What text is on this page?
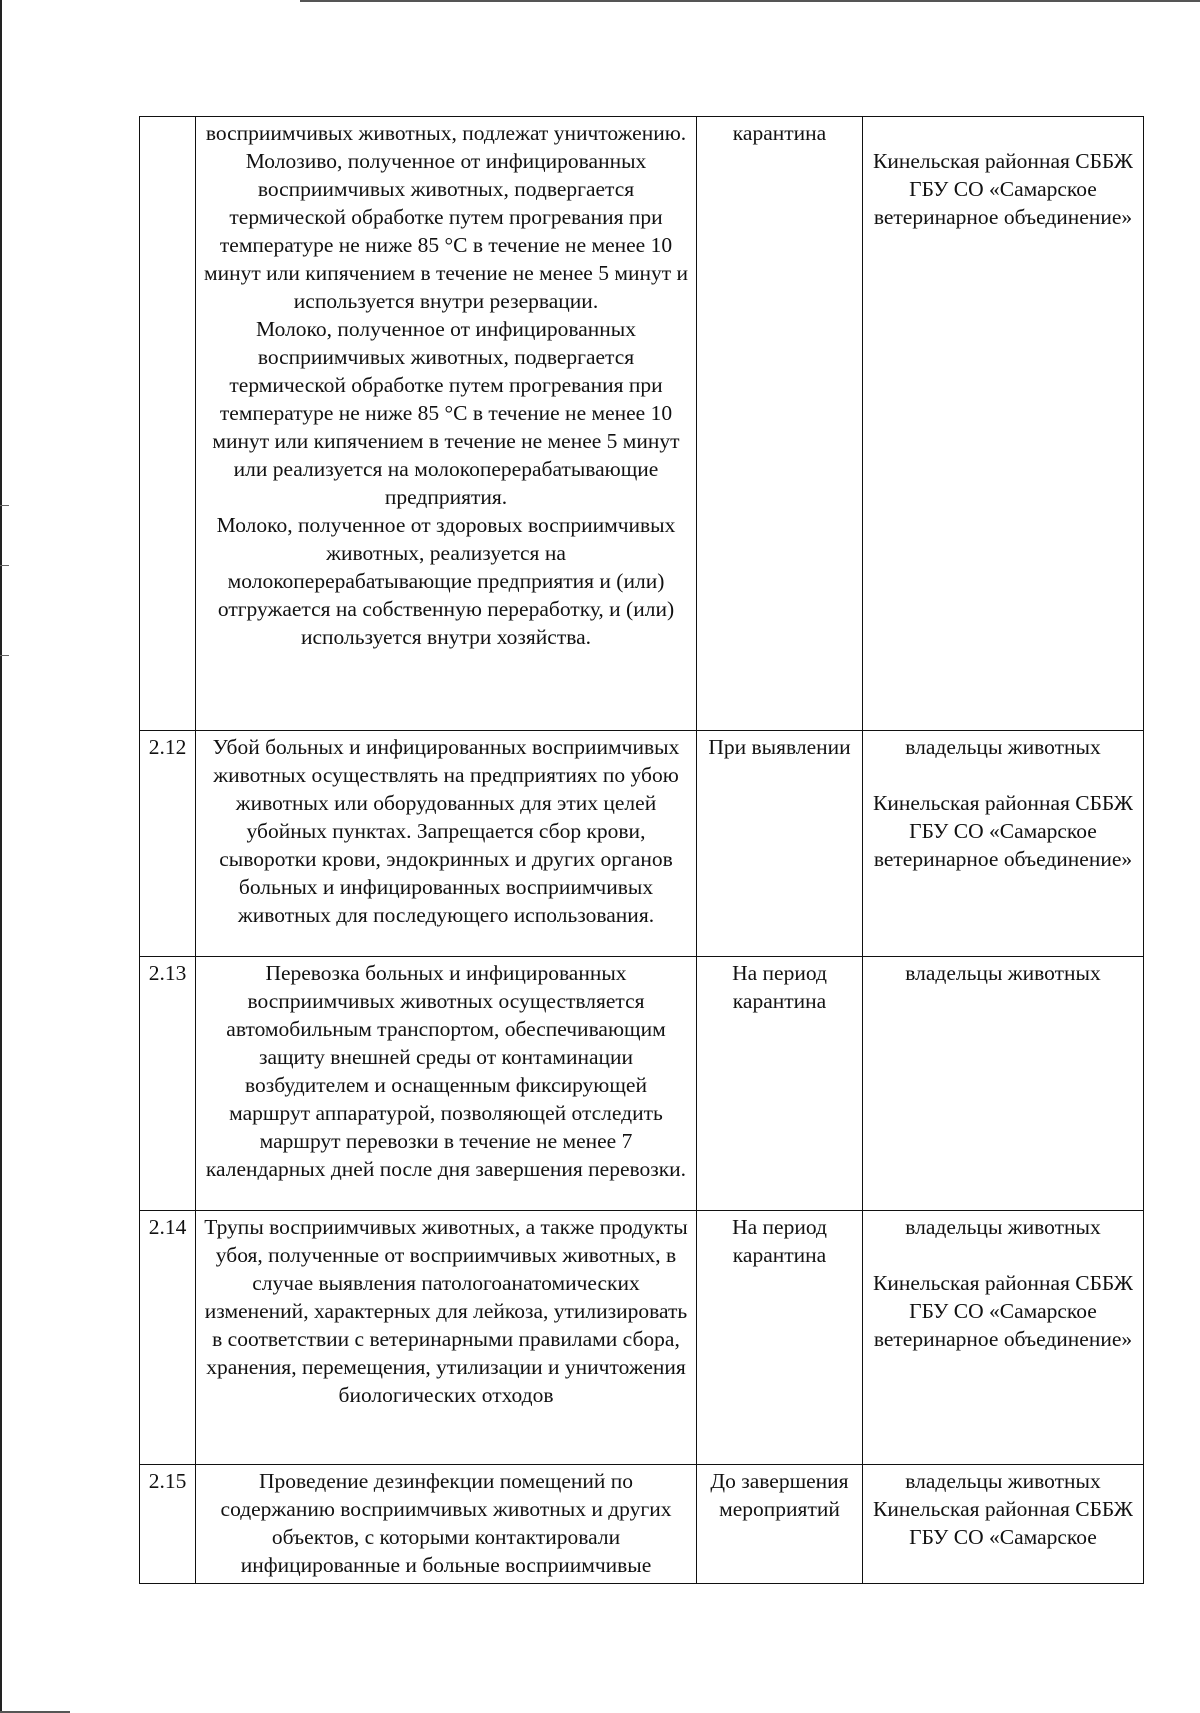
	восприимчивых животных, подлежат уничтожению. Молозиво, полученное от инфицированных восприимчивых животных, подвергается термической обработке путем прогревания при температуре не ниже 85 °C в течение не менее 10 минут или кипячением в течение не менее 5 минут и используется внутри резервации.
Молоко, полученное от инфицированных восприимчивых животных, подвергается термической обработке путем прогревания при температуре не ниже 85 °C в течение не менее 10 минут или кипячением в течение не менее 5 минут или реализуется на молокоперерабатывающие предприятия.
Молоко, полученное от здоровых восприимчивых животных, реализуется на молокоперерабатывающие предприятия и (или) отгружается на собственную переработку, и (или) используется внутри хозяйства.	карантина	Кинельская районная СББЖ ГБУ СО «Самарское ветеринарное объединение»

2.12	Убой больных и инфицированных восприимчивых животных осуществлять на предприятиях по убою животных или оборудованных для этих целей убойных пунктах. Запрещается сбор крови, сыворотки крови, эндокринных и других органов больных и инфицированных восприимчивых животных для последующего использования.	При выявлении	владельцы животных
Кинельская районная СББЖ ГБУ СО «Самарское ветеринарное объединение»

2.13	Перевозка больных и инфицированных восприимчивых животных осуществляется автомобильным транспортом, обеспечивающим защиту внешней среды от контаминации возбудителем и оснащенным фиксирующей маршрут аппаратурой, позволяющей отследить маршрут перевозки в течение не менее 7 календарных дней после дня завершения перевозки.	На период карантина	владельцы животных

2.14	Трупы восприимчивых животных, а также продукты убоя, полученные от восприимчивых животных, в случае выявления патологоанатомических изменений, характерных для лейкоза, утилизировать в соответствии с ветеринарными правилами сбора, хранения, перемещения, утилизации и уничтожения биологических отходов	На период карантина	владельцы животных
Кинельская районная СББЖ ГБУ СО «Самарское ветеринарное объединение»

2.15	Проведение дезинфекции помещений по содержанию восприимчивых животных и других объектов, с которыми контактировали инфицированные и больные восприимчивые	До завершения мероприятий	владельцы животных
Кинельская районная СББЖ ГБУ СО «Самарское
